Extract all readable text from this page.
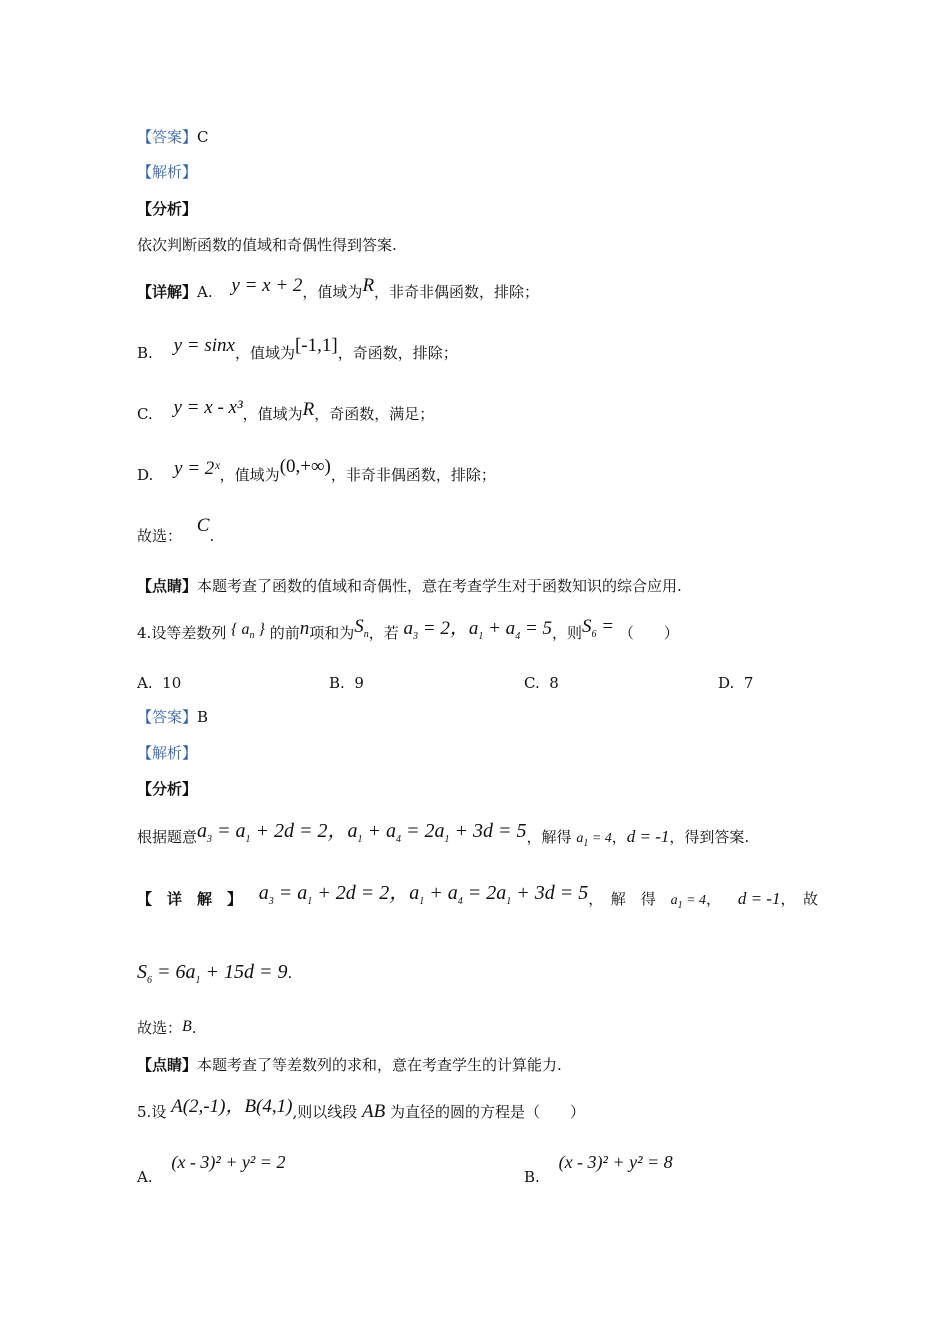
【答案】C
【解析】
【分析】
依次判断函数的值域和奇偶性得到答案.
【详解】A. y = x + 2，值域为R，非奇非偶函数，排除；
B. y = sinx，值域为[-1,1]，奇函数，排除；
C. y = x - x³，值域为R，奇函数，满足；
D. y = 2ˣ，值域为(0,+∞)，非奇非偶函数，排除；
故选： C.
【点睛】本题考查了函数的值域和奇偶性，意在考查学生对于函数知识的综合应用.
4.设等差数列 { $a_n$ } 的前n项和为$S_n$，若 $a_3 = 2$，$a_1 + a_4 = 5$，则$S_6$ = （　　）
A. 10	B. 9	C. 8	D. 7
【答案】B
【解析】
【分析】
根据题意$a_3 = a_1 + 2d = 2$，$a_1 + a_4 = 2a_1 + 3d = 5$，解得 $a_1 = 4$，d = -1，得到答案.
【　详　解　】 $a_3 = a_1 + 2d = 2$，$a_1 + a_4 = 2a_1 + 3d = 5$，　解　得 $a_1 = 4$， d = -1，　故
$S_6 = 6a_1 + 15d = 9$.
故选：B.
【点睛】本题考查了等差数列的求和，意在考查学生的计算能力.
5.设 A(2,-1)，B(4,1),则以线段 AB 为直径的圆的方程是（　　）
A. (x - 3)² + y² = 2
B. (x - 3)² + y² = 8
